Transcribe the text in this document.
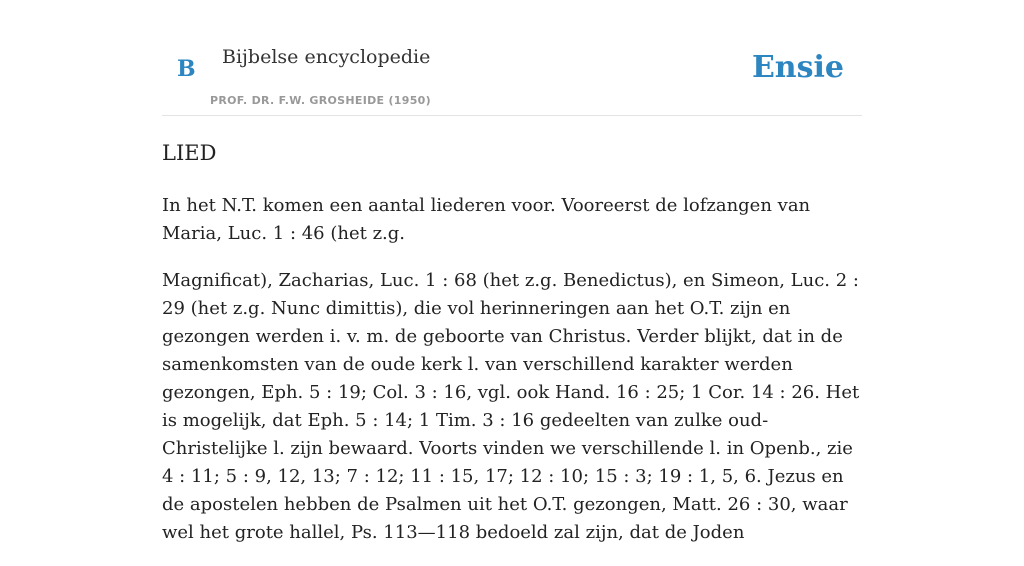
B Bijbelse encyclopedie
PROF. DR. F.W. GROSHEIDE (1950)
Ensie
LIED

In het N.T. komen een aantal liederen voor. Vooreerst de lofzangen van Maria, Luc. 1 : 46 (het z.g.

Magnificat), Zacharias, Luc. 1 : 68 (het z.g. Benedictus), en Simeon, Luc. 2 : 29 (het z.g. Nunc dimittis), die vol herinneringen aan het O.T. zijn en gezongen werden i. v. m. de geboorte van Christus. Verder blijkt, dat in de samenkomsten van de oude kerk l. van verschillend karakter werden gezongen, Eph. 5 : 19; Col. 3 : 16, vgl. ook Hand. 16 : 25; 1 Cor. 14 : 26. Het is mogelijk, dat Eph. 5 : 14; 1 Tim. 3 : 16 gedeelten van zulke oud-Christelijke l. zijn bewaard. Voorts vinden we verschillende l. in Openb., zie 4 : 11; 5 : 9, 12, 13; 7 : 12; 11 : 15, 17; 12 : 10; 15 : 3; 19 : 1, 5, 6. Jezus en de apostelen hebben de Psalmen uit het O.T. gezongen, Matt. 26 : 30, waar wel het grote hallel, Ps. 113—118 bedoeld zal zijn, dat de Joden
